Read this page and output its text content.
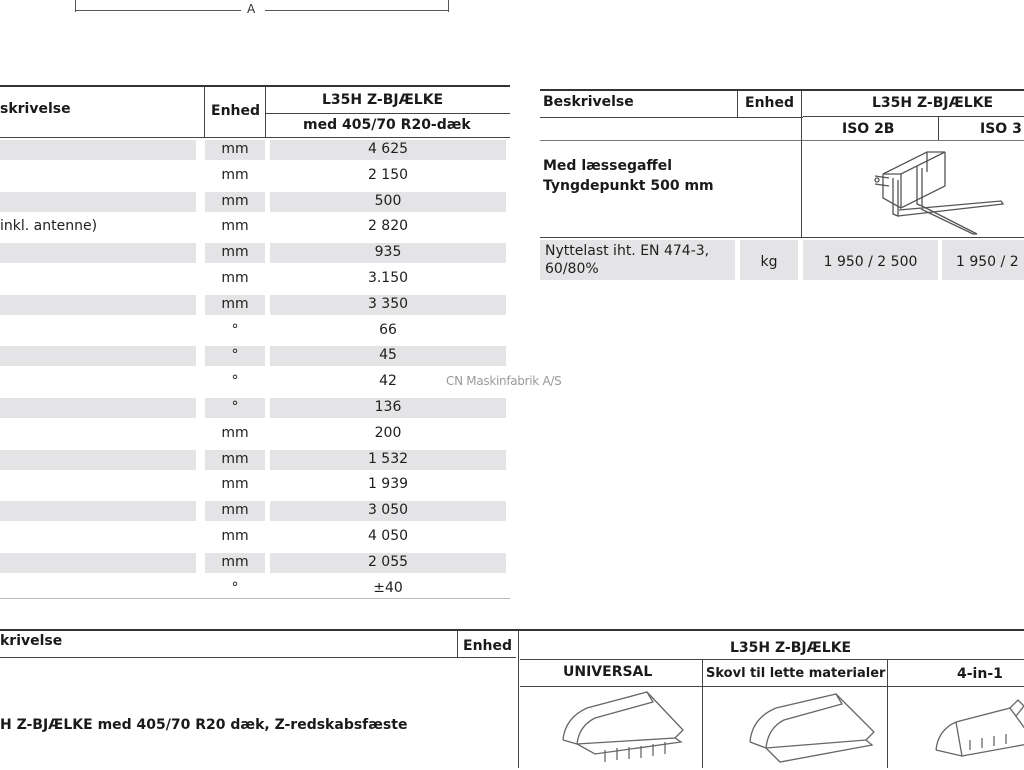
A
skrivelse	Enhed
L35H Z-BJÆLKE
med 405/70 R20-dæk
mm	4 625
mm	2 150
mm	500
inkl. antenne)	mm	2 820
mm	935
mm	3.150
mm	3 350
°	66
°	45
°	42
°	136
mm	200
mm	1 532
mm	1 939
mm	3 050
mm	4 050
mm	2 055
°	±40
CN Maskinfabrik A/S
Beskrivelse	Enhed	L35H Z-BJÆLKE
ISO 2B	ISO 3
Med læssegaffel
Tyngdepunkt 500 mm
Nyttelast iht. EN 474-3,
60/80%	kg	1 950 / 2 500	1 950 / 2
krivelse	Enhed	L35H Z-BJÆLKE
UNIVERSAL	Skovl til lette materialer	4-in-1
H Z-BJÆLKE med 405/70 R20 dæk, Z-redskabsfæste
